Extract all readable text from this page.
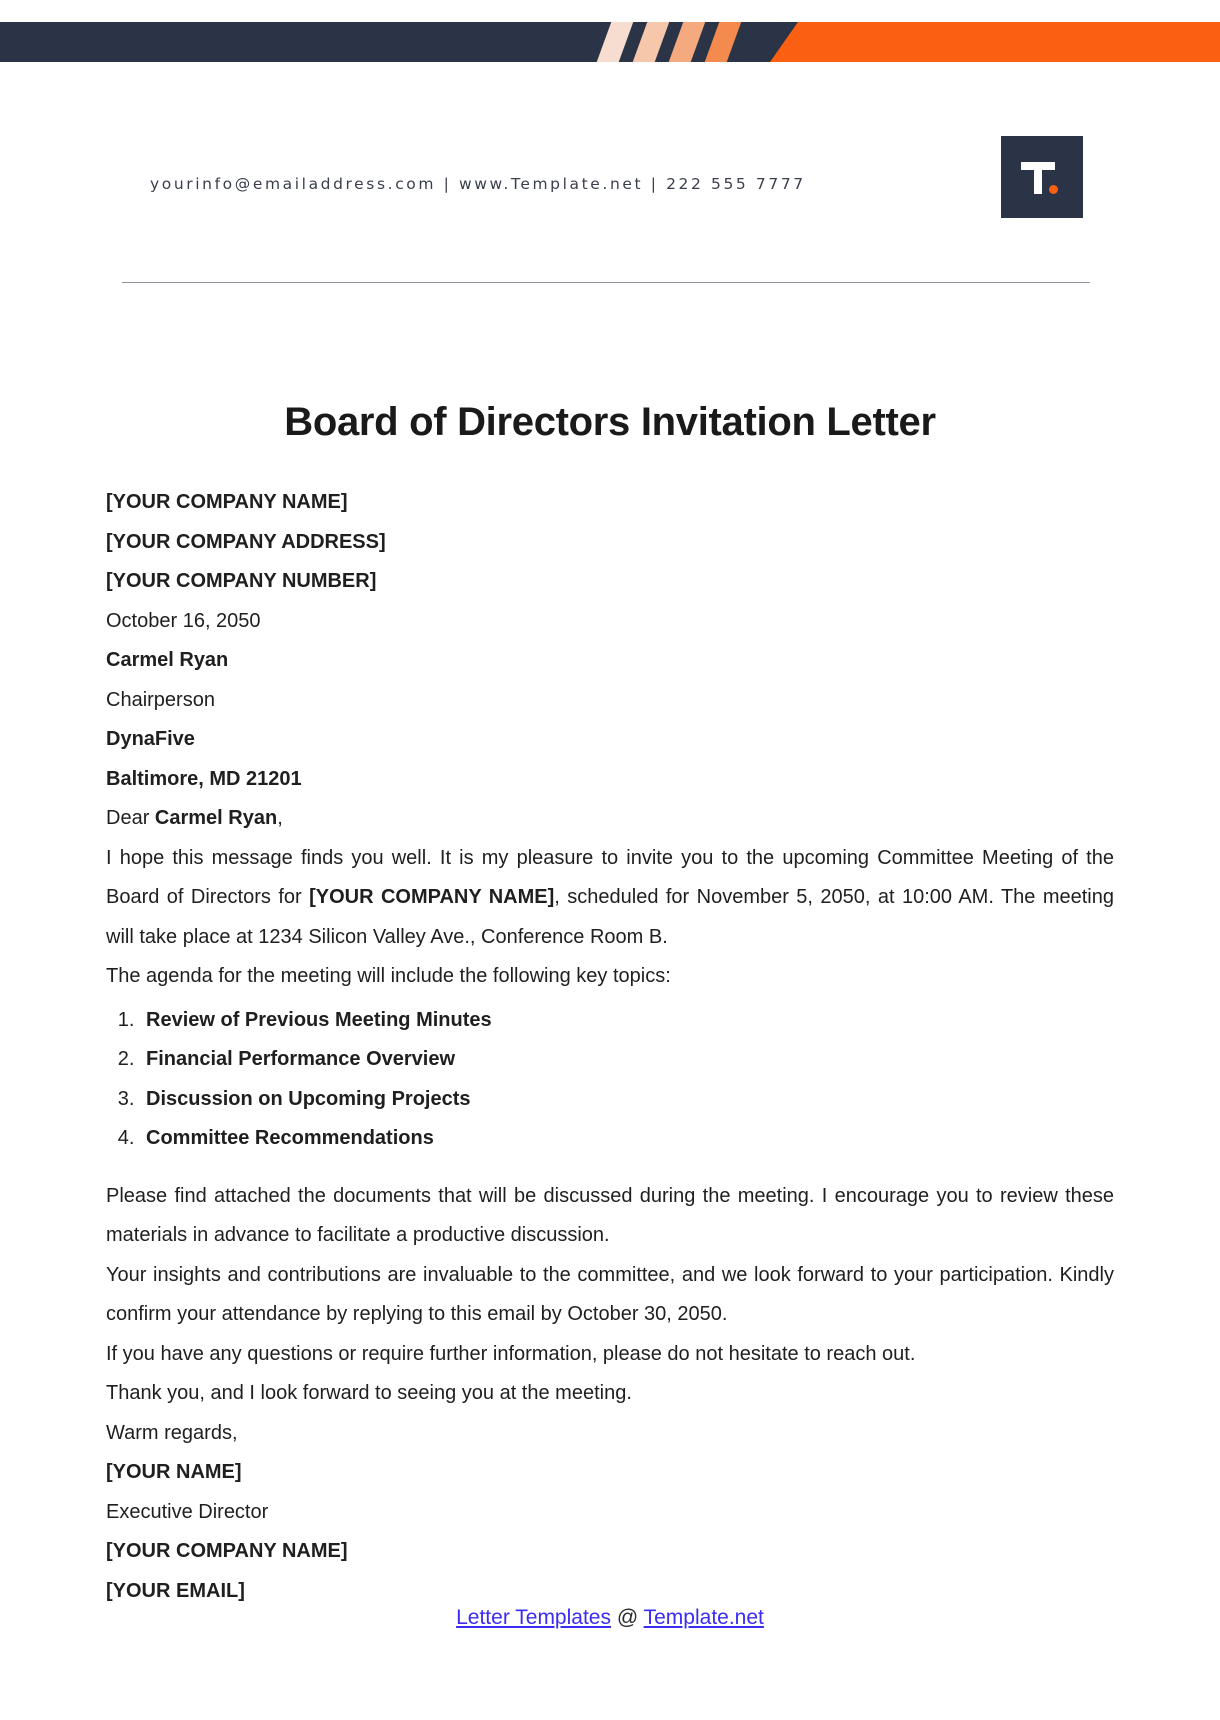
yourinfo@emailaddress.com | www.Template.net | 222 555 7777
Board of Directors Invitation Letter
[YOUR COMPANY NAME]
[YOUR COMPANY ADDRESS]
[YOUR COMPANY NUMBER]
October 16, 2050
Carmel Ryan
Chairperson
DynaFive
Baltimore, MD 21201
Dear Carmel Ryan,

I hope this message finds you well. It is my pleasure to invite you to the upcoming Committee Meeting of the Board of Directors for [YOUR COMPANY NAME], scheduled for November 5, 2050, at 10:00 AM. The meeting will take place at 1234 Silicon Valley Ave., Conference Room B.

The agenda for the meeting will include the following key topics:

1. Review of Previous Meeting Minutes
2. Financial Performance Overview
3. Discussion on Upcoming Projects
4. Committee Recommendations

Please find attached the documents that will be discussed during the meeting. I encourage you to review these materials in advance to facilitate a productive discussion.

Your insights and contributions are invaluable to the committee, and we look forward to your participation. Kindly confirm your attendance by replying to this email by October 30, 2050.

If you have any questions or require further information, please do not hesitate to reach out.

Thank you, and I look forward to seeing you at the meeting.

Warm regards,
[YOUR NAME]
Executive Director
[YOUR COMPANY NAME]
[YOUR EMAIL]
Letter Templates @ Template.net
